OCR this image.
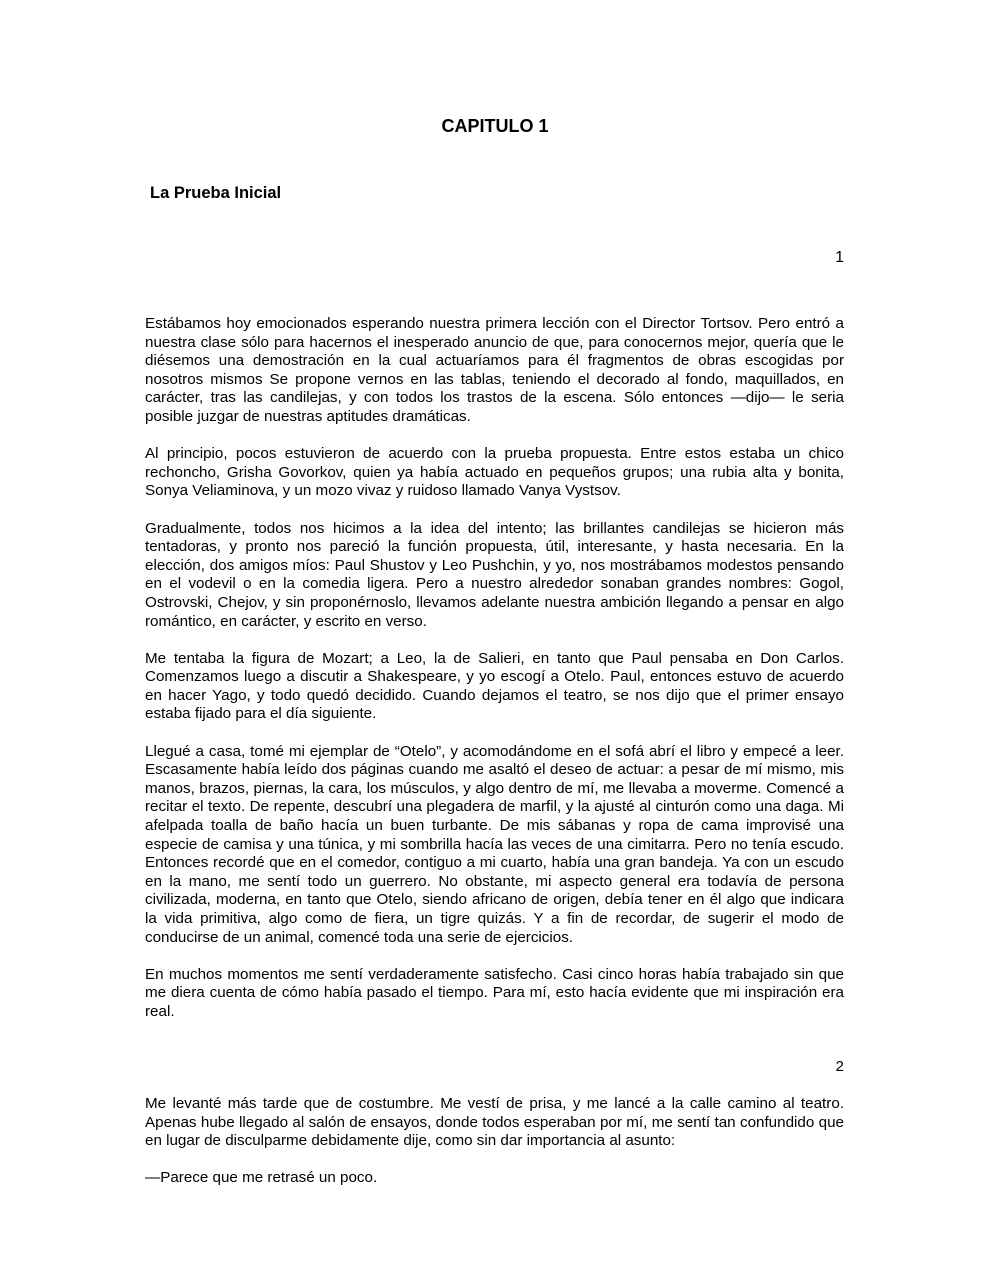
CAPITULO 1
La Prueba Inicial
1

Estábamos hoy emocionados esperando nuestra primera lección con el Director Tortsov. Pero entró a nuestra clase sólo para hacernos el inesperado anuncio de que, para conocernos mejor, quería que le diésemos una demostración en la cual actuaríamos para él fragmentos de obras escogidas por nosotros mismos Se propone vernos en las tablas, teniendo el decorado al fondo, maquillados, en carácter, tras las candilejas, y con todos los trastos de la escena. Sólo entonces —dijo— le seria posible juzgar de nuestras aptitudes dramáticas.

Al principio, pocos estuvieron de acuerdo con la prueba propuesta. Entre estos estaba un chico rechoncho, Grisha Govorkov, quien ya había actuado en pequeños grupos; una rubia alta y bonita, Sonya Veliaminova, y un mozo vivaz y ruidoso llamado Vanya Vystsov.

Gradualmente, todos nos hicimos a la idea del intento; las brillantes candilejas se hicieron más tentadoras, y pronto nos pareció la función propuesta, útil, interesante, y hasta necesaria. En la elección, dos amigos míos: Paul Shustov y Leo Pushchin, y yo, nos mostrábamos modestos pensando en el vodevil o en la comedia ligera. Pero a nuestro alrededor sonaban grandes nombres: Gogol, Ostrovski, Chejov, y sin proponérnoslo, llevamos adelante nuestra ambición llegando a pensar en algo romántico, en carácter, y escrito en verso.

Me tentaba la figura de Mozart; a Leo, la de Salieri, en tanto que Paul pensaba en Don Carlos. Comenzamos luego a discutir a Shakespeare, y yo escogí a Otelo. Paul, entonces estuvo de acuerdo en hacer Yago, y todo quedó decidido. Cuando dejamos el teatro, se nos dijo que el primer ensayo estaba fijado para el día siguiente.

Llegué a casa, tomé mi ejemplar de “Otelo”, y acomodándome en el sofá abrí el libro y empecé a leer. Escasamente había leído dos páginas cuando me asaltó el deseo de actuar: a pesar de mí mismo, mis manos, brazos, piernas, la cara, los músculos, y algo dentro de mí, me llevaba a moverme. Comencé a recitar el texto. De repente, descubrí una plegadera de marfil, y la ajusté al cinturón como una daga. Mi afelpada toalla de baño hacía un buen turbante. De mis sábanas y ropa de cama improvisé una especie de camisa y una túnica, y mi sombrilla hacía las veces de una cimitarra. Pero no tenía escudo. Entonces recordé que en el comedor, contiguo a mi cuarto, había una gran bandeja. Ya con un escudo en la mano, me sentí todo un guerrero. No obstante, mi aspecto general era todavía de persona civilizada, moderna, en tanto que Otelo, siendo africano de origen, debía tener en él algo que indicara la vida primitiva, algo como de fiera, un tigre quizás. Y a fin de recordar, de sugerir el modo de conducirse de un animal, comencé toda una serie de ejercicios.

En muchos momentos me sentí verdaderamente satisfecho. Casi cinco horas había trabajado sin que me diera cuenta de cómo había pasado el tiempo. Para mí, esto hacía evidente que mi inspiración era real.

2

Me levanté más tarde que de costumbre. Me vestí de prisa, y me lancé a la calle camino al teatro. Apenas hube llegado al salón de ensayos, donde todos esperaban por mí, me sentí tan confundido que en lugar de disculparme debidamente dije, como sin dar importancia al asunto:

—Parece que me retrasé un poco.
